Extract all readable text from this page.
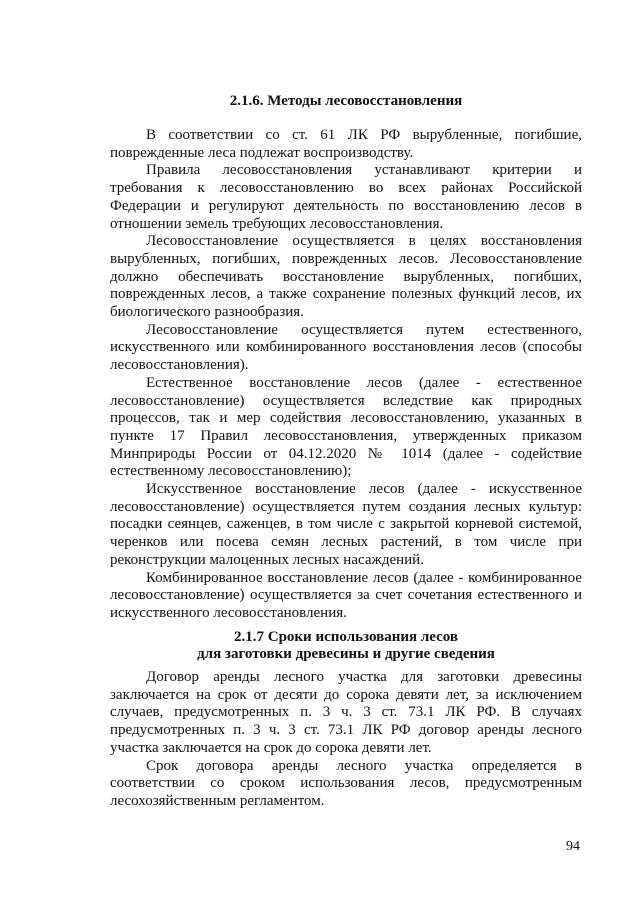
2.1.6. Методы лесовосстановления

В соответствии со ст. 61 ЛК РФ вырубленные, погибшие, поврежденные леса подлежат воспроизводству.

Правила лесовосстановления устанавливают критерии и требования к лесовосстановлению во всех районах Российской Федерации и регулируют деятельность по восстановлению лесов в отношении земель требующих лесовосстановления.

Лесовосстановление осуществляется в целях восстановления вырубленных, погибших, поврежденных лесов. Лесовосстановление должно обеспечивать восстановление вырубленных, погибших, поврежденных лесов, а также сохранение полезных функций лесов, их биологического разнообразия.

Лесовосстановление осуществляется путем естественного, искусственного или комбинированного восстановления лесов (способы лесовосстановления).

Естественное восстановление лесов (далее - естественное лесовосстановление) осуществляется вследствие как природных процессов, так и мер содействия лесовосстановлению, указанных в пункте 17 Правил лесовосстановления, утвержденных приказом Минприроды России от 04.12.2020 № 1014 (далее - содействие естественному лесовосстановлению);

Искусственное восстановление лесов (далее - искусственное лесовосстановление) осуществляется путем создания лесных культур: посадки сеянцев, саженцев, в том числе с закрытой корневой системой, черенков или посева семян лесных растений, в том числе при реконструкции малоценных лесных насаждений.

Комбинированное восстановление лесов (далее - комбинированное лесовосстановление) осуществляется за счет сочетания естественного и искусственного лесовосстановления.

2.1.7 Сроки использования лесов
для заготовки древесины и другие сведения

Договор аренды лесного участка для заготовки древесины заключается на срок от десяти до сорока девяти лет, за исключением случаев, предусмотренных п. 3 ч. 3 ст. 73.1 ЛК РФ. В случаях предусмотренных п. 3 ч. 3 ст. 73.1 ЛК РФ договор аренды лесного участка заключается на срок до сорока девяти лет.

Срок договора аренды лесного участка определяется в соответствии со сроком использования лесов, предусмотренным лесохозяйственным регламентом.

94
